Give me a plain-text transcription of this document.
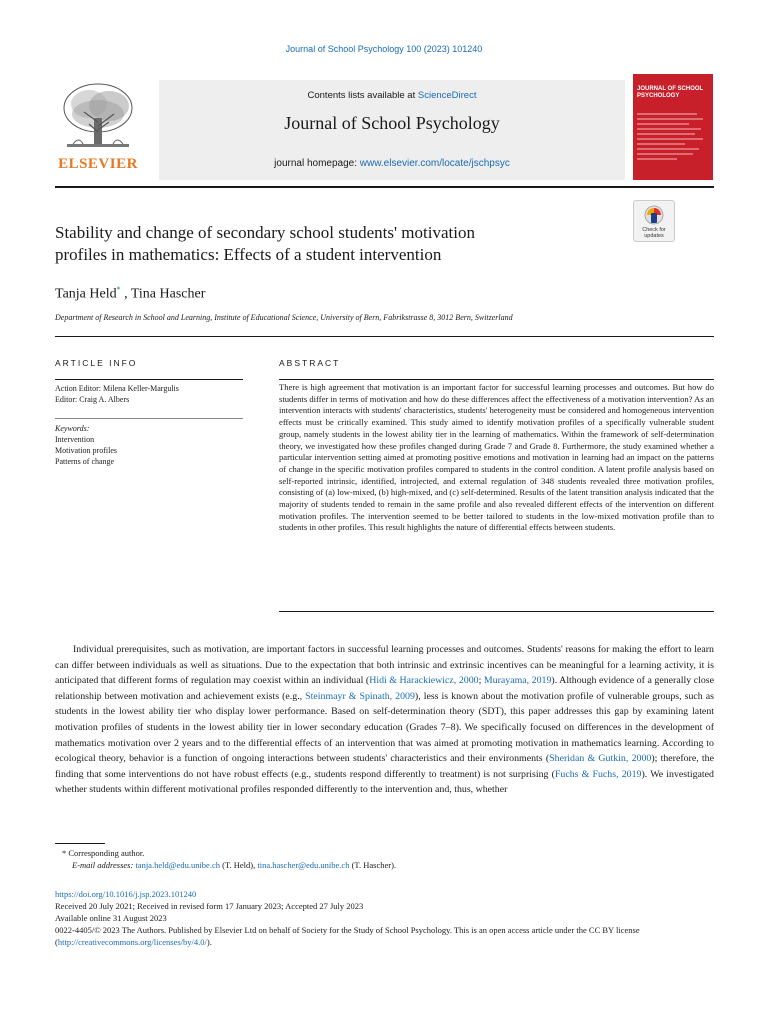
Journal of School Psychology 100 (2023) 101240
ELSEVIER
Contents lists available at ScienceDirect
Journal of School Psychology
journal homepage: www.elsevier.com/locate/jschpsyc
JOURNAL OF SCHOOL PSYCHOLOGY
Stability and change of secondary school students' motivation
profiles in mathematics: Effects of a student intervention
Check for updates
Tanja Held* , Tina Hascher
Department of Research in School and Learning, Institute of Educational Science, University of Bern, Fabrikstrasse 8, 3012 Bern, Switzerland
ARTICLE INFO	ABSTRACT
Action Editor: Milena Keller-Margulis
Editor: Craig A. Albers
Keywords:
Intervention
Motivation profiles
Patterns of change
There is high agreement that motivation is an important factor for successful learning processes and outcomes. But how do students differ in terms of motivation and how do these differences affect the effectiveness of a motivation intervention? As an intervention interacts with students' characteristics, students' heterogeneity must be considered and homogeneous intervention effects must be critically examined. This study aimed to identify motivation profiles of a specifically vulnerable student group, namely students in the lowest ability tier in the learning of mathematics. Within the framework of self-determination theory, we investigated how these profiles changed during Grade 7 and Grade 8. Furthermore, the study examined whether a particular intervention setting aimed at promoting positive emotions and motivation in learning had an impact on the patterns of change in the specific motivation profiles compared to students in the control condition. A latent profile analysis based on self-reported intrinsic, identified, introjected, and external regulation of 348 students revealed three motivation profiles, consisting of (a) low-mixed, (b) high-mixed, and (c) self-determined. Results of the latent transition analysis indicated that the majority of students tended to remain in the same profile and also revealed different effects of the intervention on different motivation profiles. The intervention seemed to be better tailored to students in the low-mixed motivation profile than to students in other profiles. This result highlights the nature of differential effects between students.
Individual prerequisites, such as motivation, are important factors in successful learning processes and outcomes. Students' reasons for making the effort to learn can differ between individuals as well as situations. Due to the expectation that both intrinsic and extrinsic incentives can be meaningful for a learning activity, it is anticipated that different forms of regulation may coexist within an individual (Hidi & Harackiewicz, 2000; Murayama, 2019). Although evidence of a generally close relationship between motivation and achievement exists (e.g., Steinmayr & Spinath, 2009), less is known about the motivation profile of vulnerable groups, such as students in the lowest ability tier who display lower performance. Based on self-determination theory (SDT), this paper addresses this gap by examining latent motivation profiles of students in the lowest ability tier in lower secondary education (Grades 7–8). We specifically focused on differences in the development of mathematics motivation over 2 years and to the differential effects of an intervention that was aimed at promoting motivation in mathematics learning. According to ecological theory, behavior is a function of ongoing interactions between students' characteristics and their environments (Sheridan & Gutkin, 2000); therefore, the finding that some interventions do not have robust effects (e.g., students respond differently to treatment) is not surprising (Fuchs & Fuchs, 2019). We investigated whether students within different motivational profiles responded differently to the intervention and, thus, whether
* Corresponding author.
E-mail addresses: tanja.held@edu.unibe.ch (T. Held), tina.hascher@edu.unibe.ch (T. Hascher).
https://doi.org/10.1016/j.jsp.2023.101240
Received 20 July 2021; Received in revised form 17 January 2023; Accepted 27 July 2023
Available online 31 August 2023
0022-4405/© 2023 The Authors. Published by Elsevier Ltd on behalf of Society for the Study of School Psychology. This is an open access article under the CC BY license (http://creativecommons.org/licenses/by/4.0/).
